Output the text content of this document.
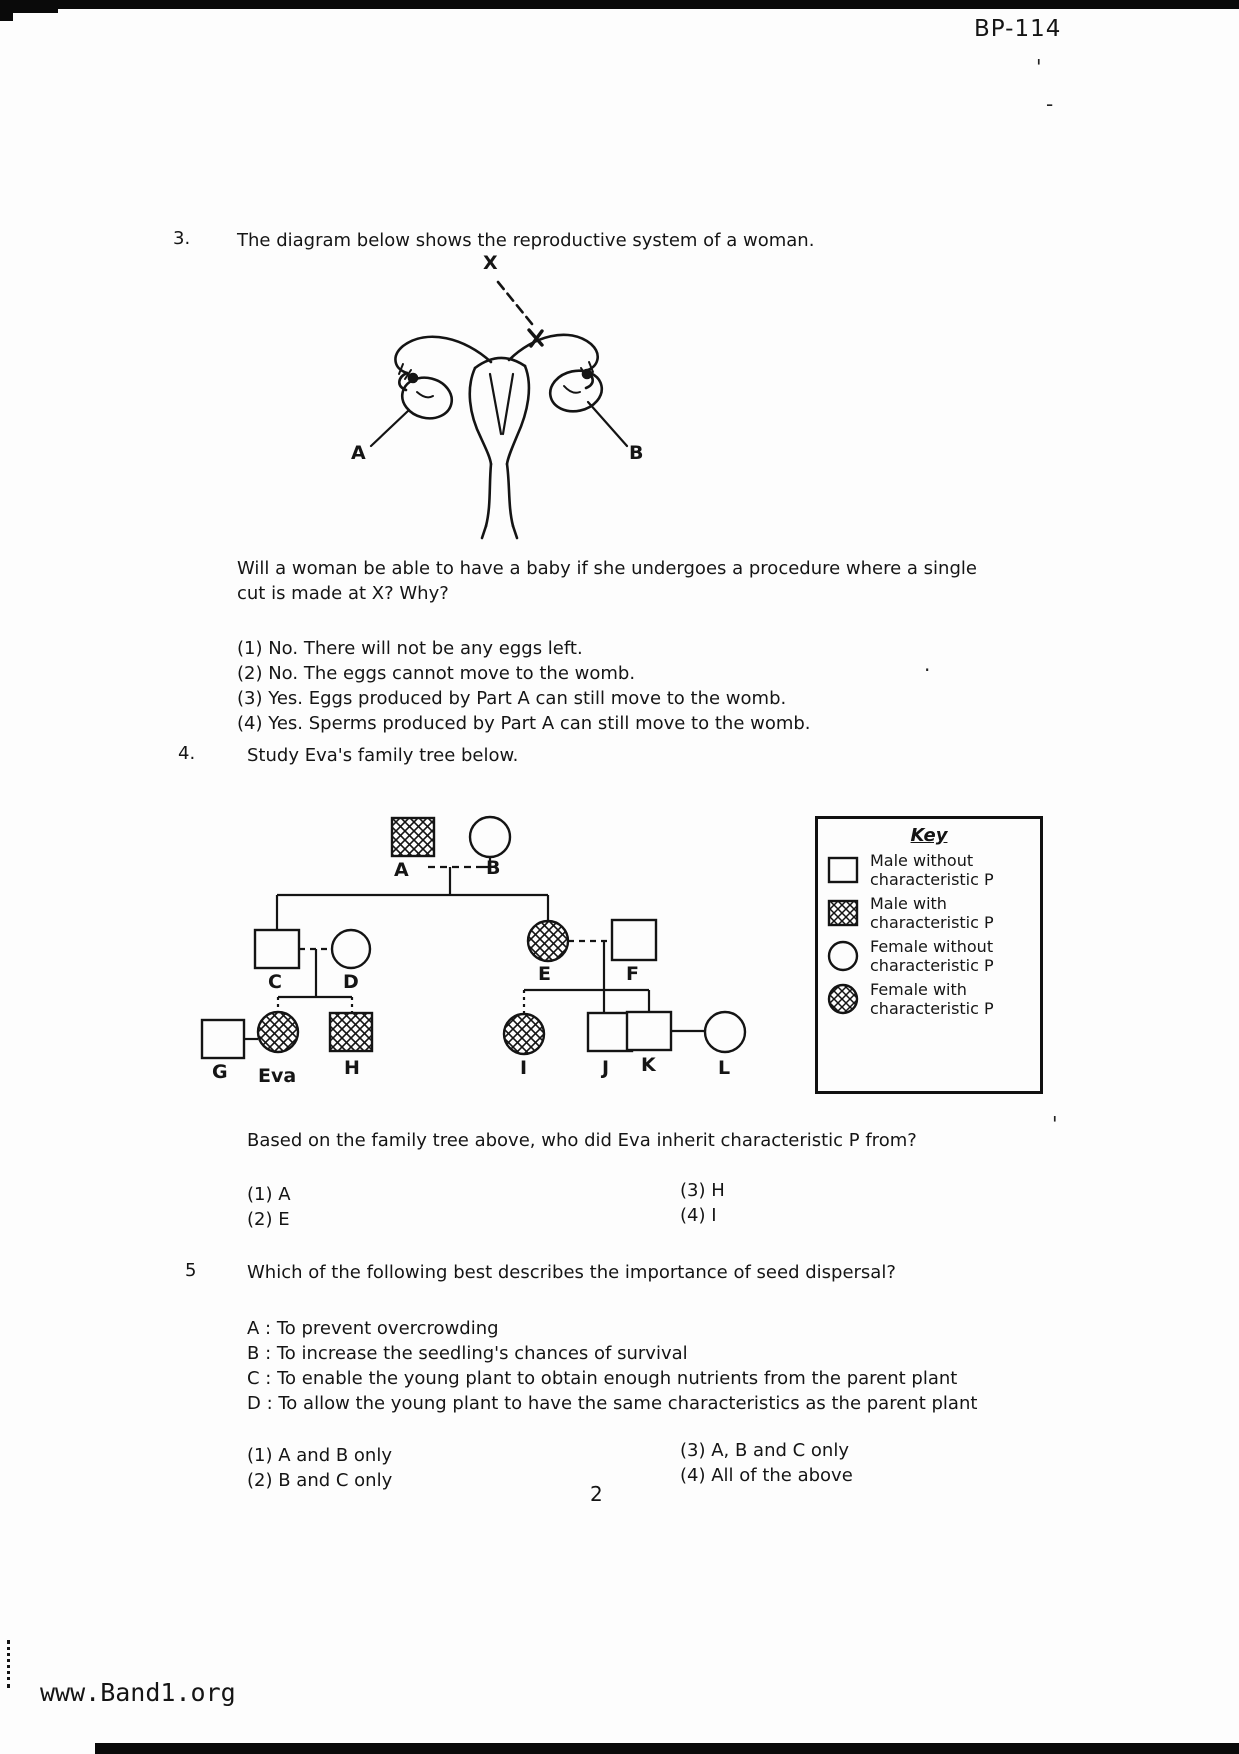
BP-114
'
-
.
'
3.	The diagram below shows the reproductive system of a woman.
X
A	B
Will a woman be able to have a baby if she undergoes a procedure where a single cut is made at X? Why?
(1) No. There will not be any eggs left.
(2) No. The eggs cannot move to the womb.
(3) Yes. Eggs produced by Part A can still move to the womb.
(4) Yes. Sperms produced by Part A can still move to the womb.
4.	Study Eva's family tree below.
A	B
C	D	E	F
G Eva	H	I	J K	L
Key
Male without characteristic P
Male with characteristic P
Female without characteristic P
Female with characteristic P
Based on the family tree above, who did Eva inherit characteristic P from?
(1) A
(2) E
(3) H
(4) I
5	Which of the following best describes the importance of seed dispersal?
A : To prevent overcrowding
B : To increase the seedling's chances of survival
C : To enable the young plant to obtain enough nutrients from the parent plant
D : To allow the young plant to have the same characteristics as the parent plant
(1) A and B only
(2) B and C only
(3) A, B and C only
(4) All of the above
2
www.Band1.org
